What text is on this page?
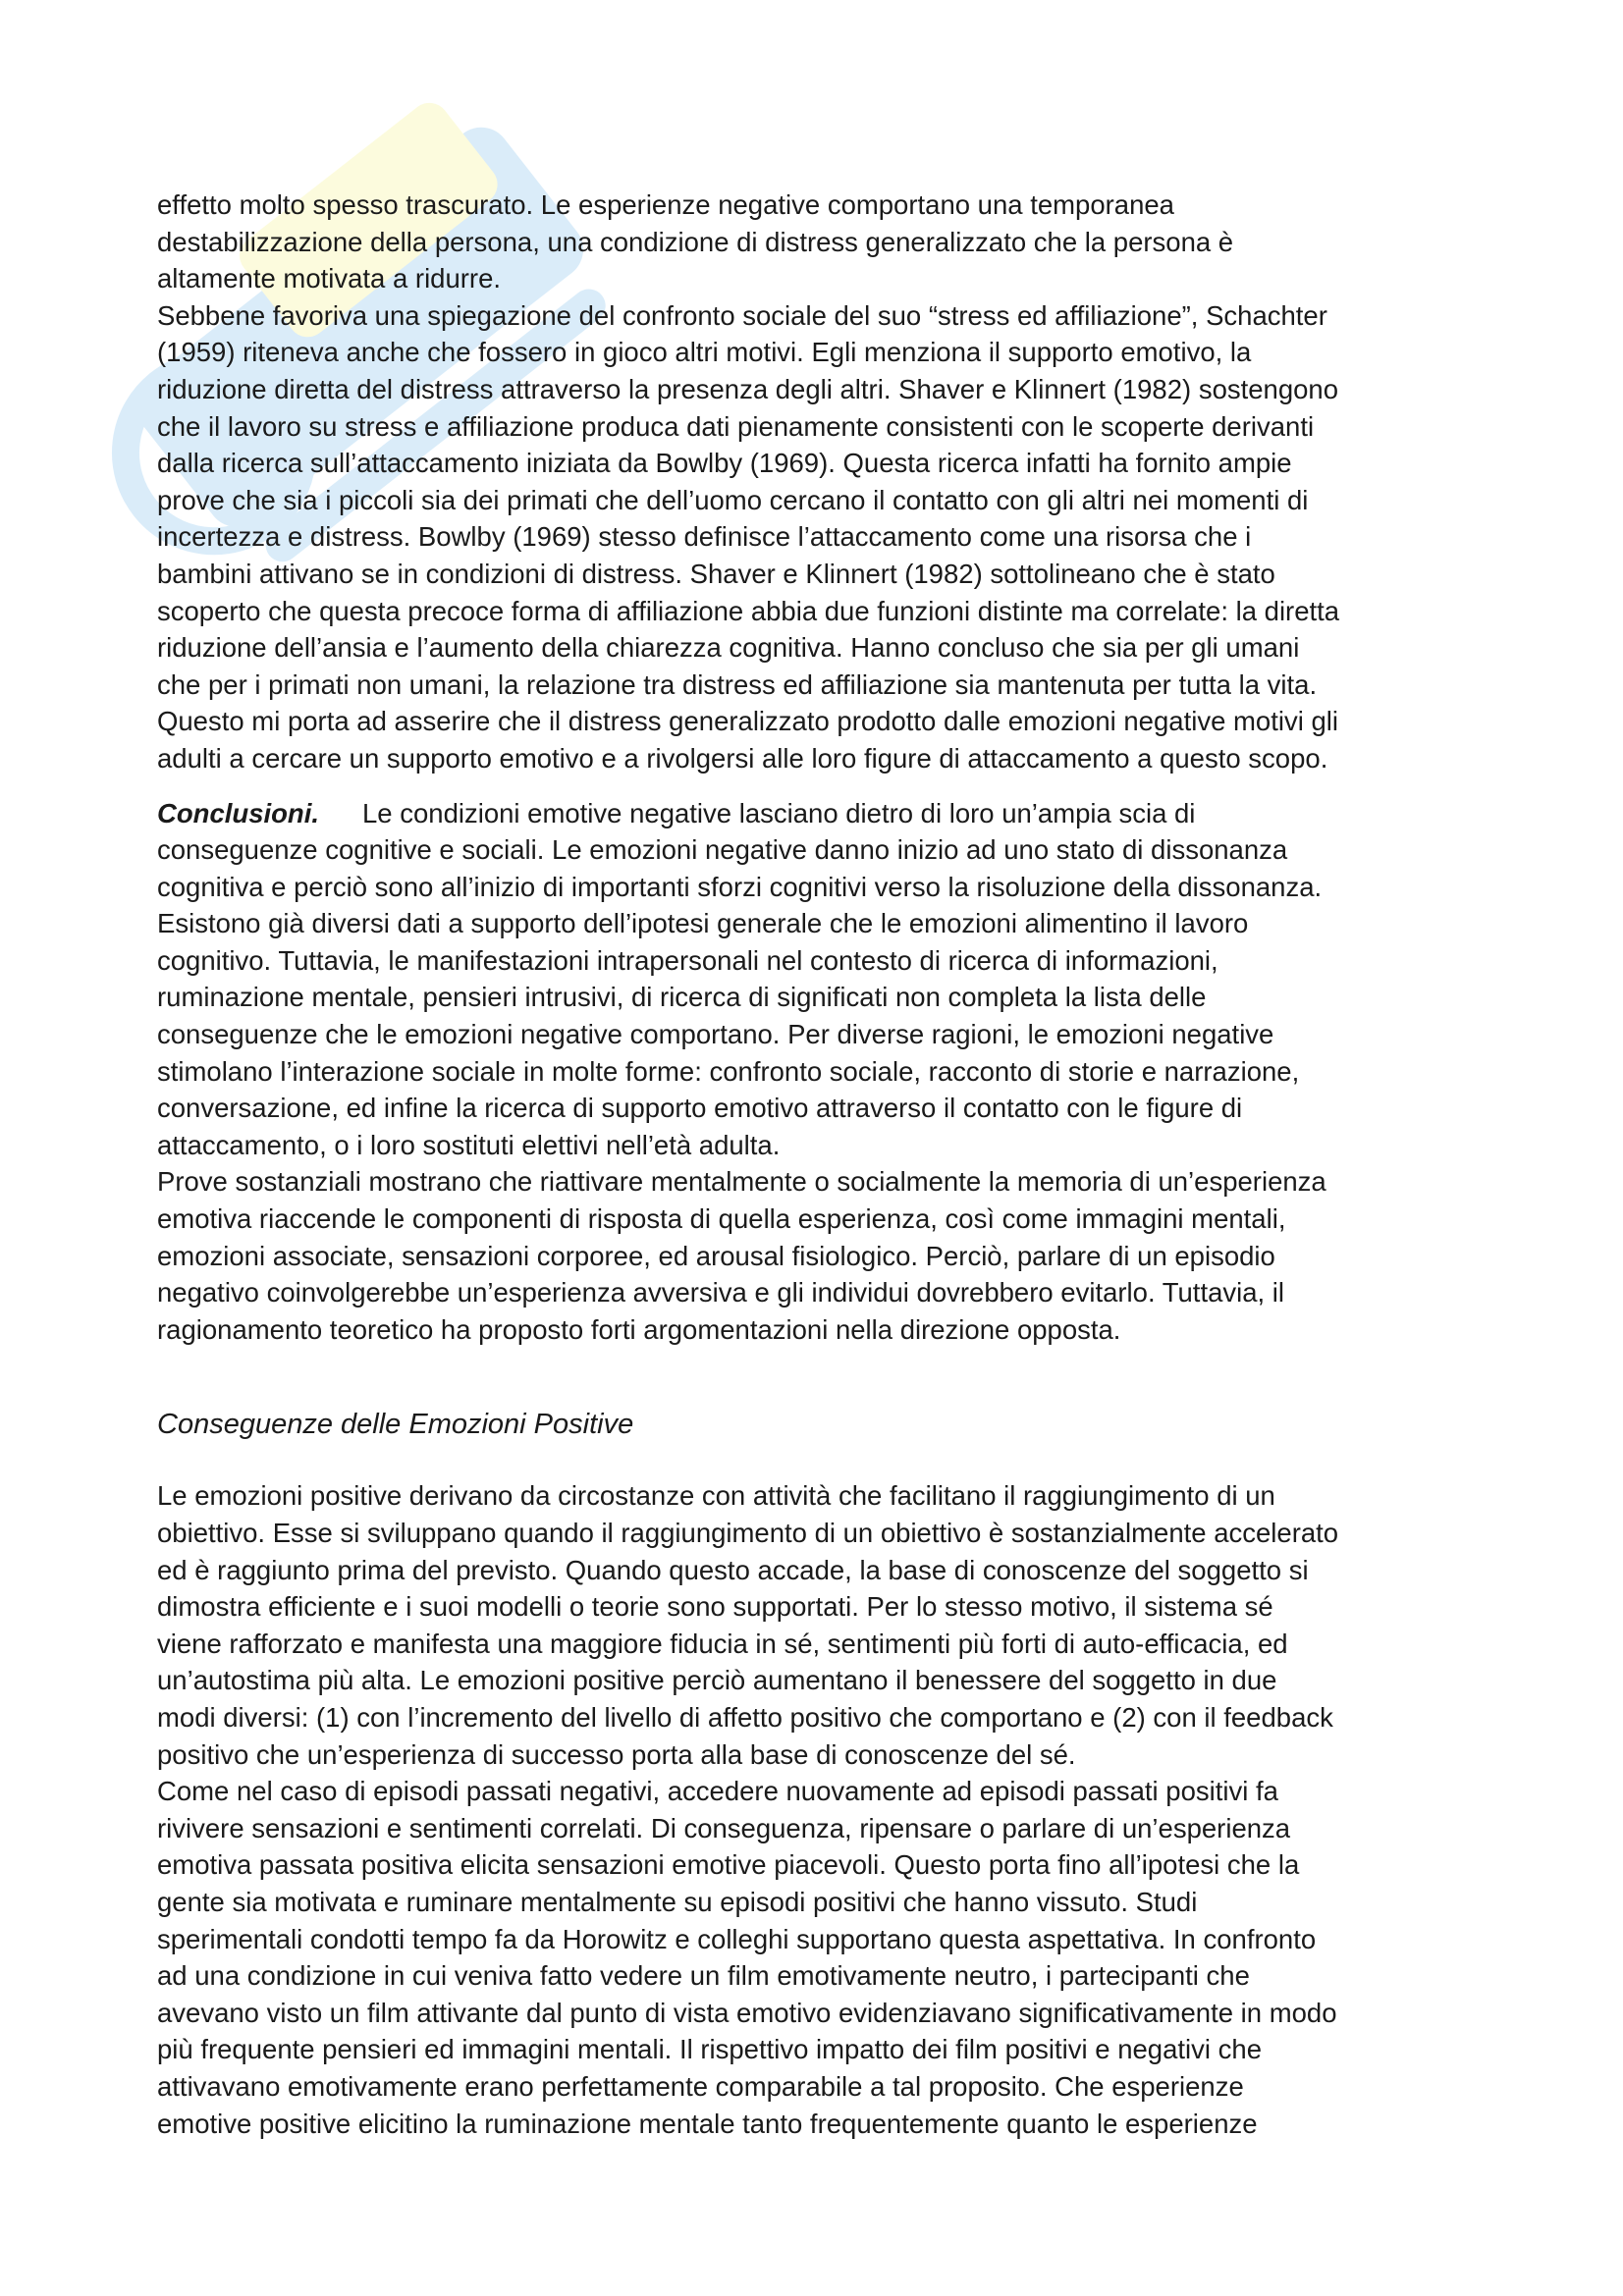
effetto molto spesso trascurato. Le esperienze negative comportano una temporanea
destabilizzazione della persona, una condizione di distress generalizzato che la persona è
altamente motivata a ridurre.

Sebbene favoriva una spiegazione del confronto sociale del suo “stress ed affiliazione”, Schachter
(1959) riteneva anche che fossero in gioco altri motivi. Egli menziona il supporto emotivo, la
riduzione diretta del distress attraverso la presenza degli altri. Shaver e Klinnert (1982) sostengono
che il lavoro su stress e affiliazione produca dati pienamente consistenti con le scoperte derivanti
dalla ricerca sull’attaccamento iniziata da Bowlby (1969). Questa ricerca infatti ha fornito ampie
prove che sia i piccoli sia dei primati che dell’uomo cercano il contatto con gli altri nei momenti di
incertezza e distress. Bowlby (1969) stesso definisce l’attaccamento come una risorsa che i
bambini attivano se in condizioni di distress. Shaver e Klinnert (1982) sottolineano che è stato
scoperto che questa precoce forma di affiliazione abbia due funzioni distinte ma correlate: la diretta
riduzione dell’ansia e l’aumento della chiarezza cognitiva. Hanno concluso che sia per gli umani
che per i primati non umani, la relazione tra distress ed affiliazione sia mantenuta per tutta la vita.
Questo mi porta ad asserire che il distress generalizzato prodotto dalle emozioni negative motivi gli
adulti a cercare un supporto emotivo e a rivolgersi alle loro figure di attaccamento a questo scopo.

Conclusioni. Le condizioni emotive negative lasciano dietro di loro un’ampia scia di
conseguenze cognitive e sociali. Le emozioni negative danno inizio ad uno stato di dissonanza
cognitiva e perciò sono all’inizio di importanti sforzi cognitivi verso la risoluzione della dissonanza.
Esistono già diversi dati a supporto dell’ipotesi generale che le emozioni alimentino il lavoro
cognitivo. Tuttavia, le manifestazioni intrapersonali nel contesto di ricerca di informazioni,
ruminazione mentale, pensieri intrusivi, di ricerca di significati non completa la lista delle
conseguenze che le emozioni negative comportano. Per diverse ragioni, le emozioni negative
stimolano l’interazione sociale in molte forme: confronto sociale, racconto di storie e narrazione,
conversazione, ed infine la ricerca di supporto emotivo attraverso il contatto con le figure di
attaccamento, o i loro sostituti elettivi nell’età adulta.

Prove sostanziali mostrano che riattivare mentalmente o socialmente la memoria di un’esperienza
emotiva riaccende le componenti di risposta di quella esperienza, così come immagini mentali,
emozioni associate, sensazioni corporee, ed arousal fisiologico. Perciò, parlare di un episodio
negativo coinvolgerebbe un’esperienza avversiva e gli individui dovrebbero evitarlo. Tuttavia, il
ragionamento teoretico ha proposto forti argomentazioni nella direzione opposta.

Conseguenze delle Emozioni Positive

Le emozioni positive derivano da circostanze con attività che facilitano il raggiungimento di un
obiettivo. Esse si sviluppano quando il raggiungimento di un obiettivo è sostanzialmente accelerato
ed è raggiunto prima del previsto. Quando questo accade, la base di conoscenze del soggetto si
dimostra efficiente e i suoi modelli o teorie sono supportati. Per lo stesso motivo, il sistema sé
viene rafforzato e manifesta una maggiore fiducia in sé, sentimenti più forti di auto-efficacia, ed
un’autostima più alta. Le emozioni positive perciò aumentano il benessere del soggetto in due
modi diversi: (1) con l’incremento del livello di affetto positivo che comportano e (2) con il feedback
positivo che un’esperienza di successo porta alla base di conoscenze del sé.

Come nel caso di episodi passati negativi, accedere nuovamente ad episodi passati positivi fa
rivivere sensazioni e sentimenti correlati. Di conseguenza, ripensare o parlare di un’esperienza
emotiva passata positiva elicita sensazioni emotive piacevoli. Questo porta fino all’ipotesi che la
gente sia motivata e ruminare mentalmente su episodi positivi che hanno vissuto. Studi
sperimentali condotti tempo fa da Horowitz e colleghi supportano questa aspettativa. In confronto
ad una condizione in cui veniva fatto vedere un film emotivamente neutro, i partecipanti che
avevano visto un film attivante dal punto di vista emotivo evidenziavano significativamente in modo
più frequente pensieri ed immagini mentali. Il rispettivo impatto dei film positivi e negativi che
attivavano emotivamente erano perfettamente comparabile a tal proposito. Che esperienze
emotive positive elicitino la ruminazione mentale tanto frequentemente quanto le esperienze
